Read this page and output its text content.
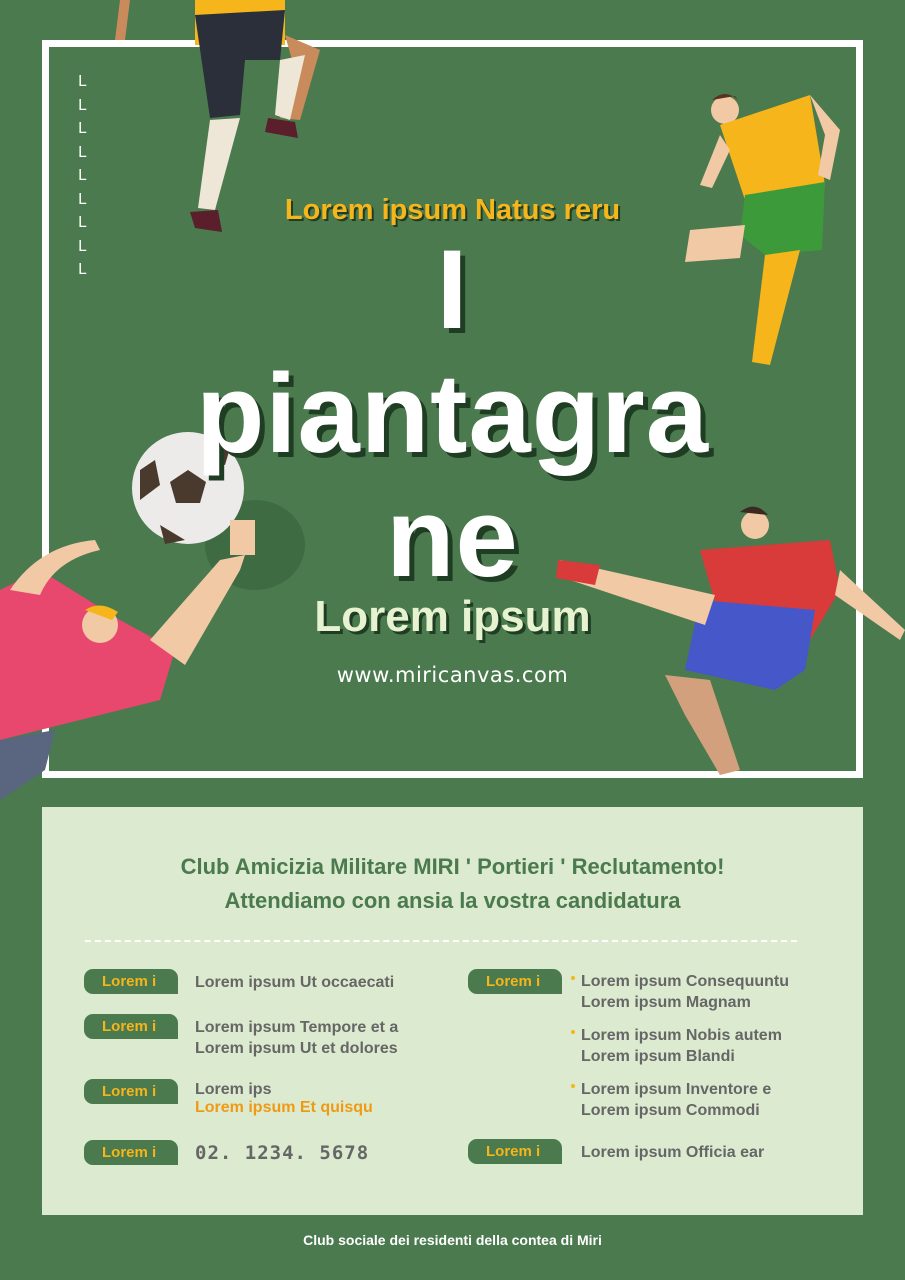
L
L
L
L
L
L
L
L
L
Lorem ipsum Natus reru
I
piantagra
ne
Lorem ipsum
www.miricanvas.com
Club Amicizia Militare MIRI ' Portieri ' Reclutamento!
Attendiamo con ansia la vostra candidatura
Lorem i	Lorem ipsum Ut occaecati
Lorem i	Lorem ipsum Tempore et a
Lorem ipsum Ut et dolores
Lorem i	Lorem ips
Lorem ipsum Et quisqu
Lorem i	02. 1234. 5678
Lorem i	Lorem ipsum Consequuntu
Lorem ipsum Magnam
Lorem ipsum Nobis autem
Lorem ipsum Blandi
Lorem ipsum Inventore e
Lorem ipsum Commodi
Lorem i	Lorem ipsum Officia ear
Club sociale dei residenti della contea di Miri
